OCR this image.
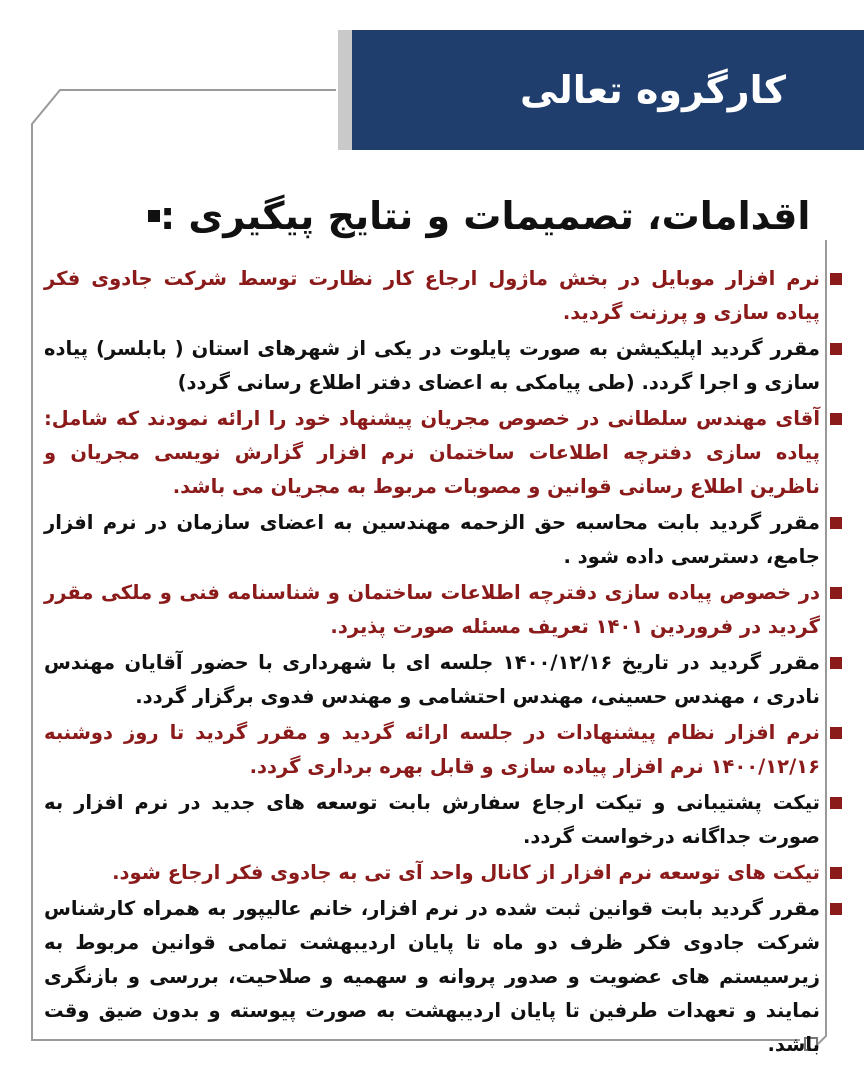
کارگروه تعالی
اقدامات، تصمیمات و نتایج پیگیری :
نرم افزار موبایل در بخش ماژول ارجاع کار نظارت توسط شرکت جادوی فکر پیاده سازی و پرزنت گردید.
مقرر گردید اپلیکیشن به صورت پایلوت در یکی از شهرهای استان ( بابلسر) پیاده سازی و اجرا گردد. (طی پیامکی به اعضای دفتر اطلاع رسانی گردد)
آقای مهندس سلطانی در خصوص مجریان پیشنهاد خود را ارائه نمودند که شامل: پیاده سازی دفترچه اطلاعات ساختمان نرم افزار گزارش نویسی مجریان و ناظرین اطلاع رسانی قوانین و مصوبات مربوط به مجریان می باشد.
مقرر گردید بابت محاسبه حق الزحمه مهندسین به اعضای سازمان در نرم افزار جامع، دسترسی داده شود .
در خصوص پیاده سازی دفترچه اطلاعات ساختمان و شناسنامه فنی و ملکی مقرر گردید در فروردین ۱۴۰۱ تعریف مسئله صورت پذیرد.
مقرر گردید در تاریخ ۱۴۰۰/۱۲/۱۶ جلسه ای با شهرداری با حضور آقایان مهندس نادری ، مهندس حسینی، مهندس احتشامی و مهندس فدوی برگزار گردد.
نرم افزار نظام پیشنهادات در جلسه ارائه گردید و مقرر گردید تا روز دوشنبه ۱۴۰۰/۱۲/۱۶ نرم افزار پیاده سازی و قابل بهره برداری گردد.
تیکت پشتیبانی و تیکت ارجاع سفارش بابت توسعه های جدید در نرم افزار به صورت جداگانه درخواست گردد.
تیکت های توسعه نرم افزار از کانال واحد آی تی به جادوی فکر ارجاع شود.
مقرر گردید بابت قوانین ثبت شده در نرم افزار، خانم عالیپور به همراه کارشناس شرکت جادوی فکر ظرف دو ماه تا پایان اردیبهشت تمامی قوانین مربوط به زیرسیستم های عضویت و صدور پروانه و سهمیه و صلاحیت، بررسی و بازنگری نمایند و تعهدات طرفین تا پایان اردیبهشت به صورت پیوسته و بدون ضیق وقت باشد.
